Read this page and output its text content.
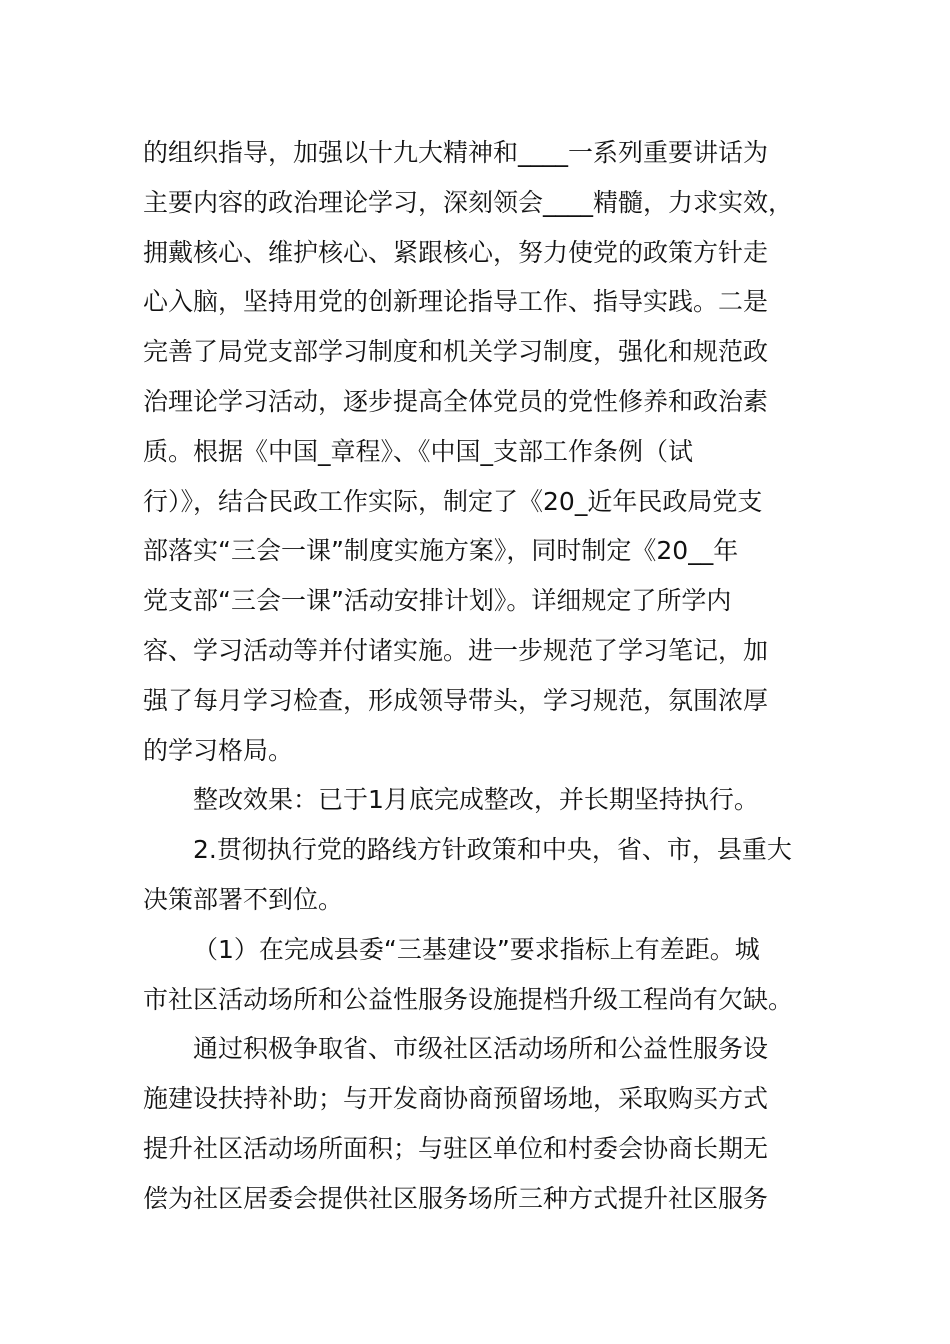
的组织指导，加强以十九大精神和____一系列重要讲话为
主要内容的政治理论学习，深刻领会____精髓，力求实效，
拥戴核心、维护核心、紧跟核心，努力使党的政策方针走
心入脑，坚持用党的创新理论指导工作、指导实践。二是
完善了局党支部学习制度和机关学习制度，强化和规范政
治理论学习活动，逐步提高全体党员的党性修养和政治素
质。根据《中国_章程》、《中国_支部工作条例（试
行）》，结合民政工作实际，制定了《20_近年民政局党支
部落实“三会一课”制度实施方案》，同时制定《20__年
党支部“三会一课”活动安排计划》。详细规定了所学内
容、学习活动等并付诸实施。进一步规范了学习笔记，加
强了每月学习检查，形成领导带头，学习规范，氛围浓厚
的学习格局。
整改效果：已于1月底完成整改，并长期坚持执行。
2.贯彻执行党的路线方针政策和中央，省、市，县重大
决策部署不到位。
（1）在完成县委“三基建设”要求指标上有差距。城
市社区活动场所和公益性服务设施提档升级工程尚有欠缺。
通过积极争取省、市级社区活动场所和公益性服务设
施建设扶持补助；与开发商协商预留场地，采取购买方式
提升社区活动场所面积；与驻区单位和村委会协商长期无
偿为社区居委会提供社区服务场所三种方式提升社区服务
